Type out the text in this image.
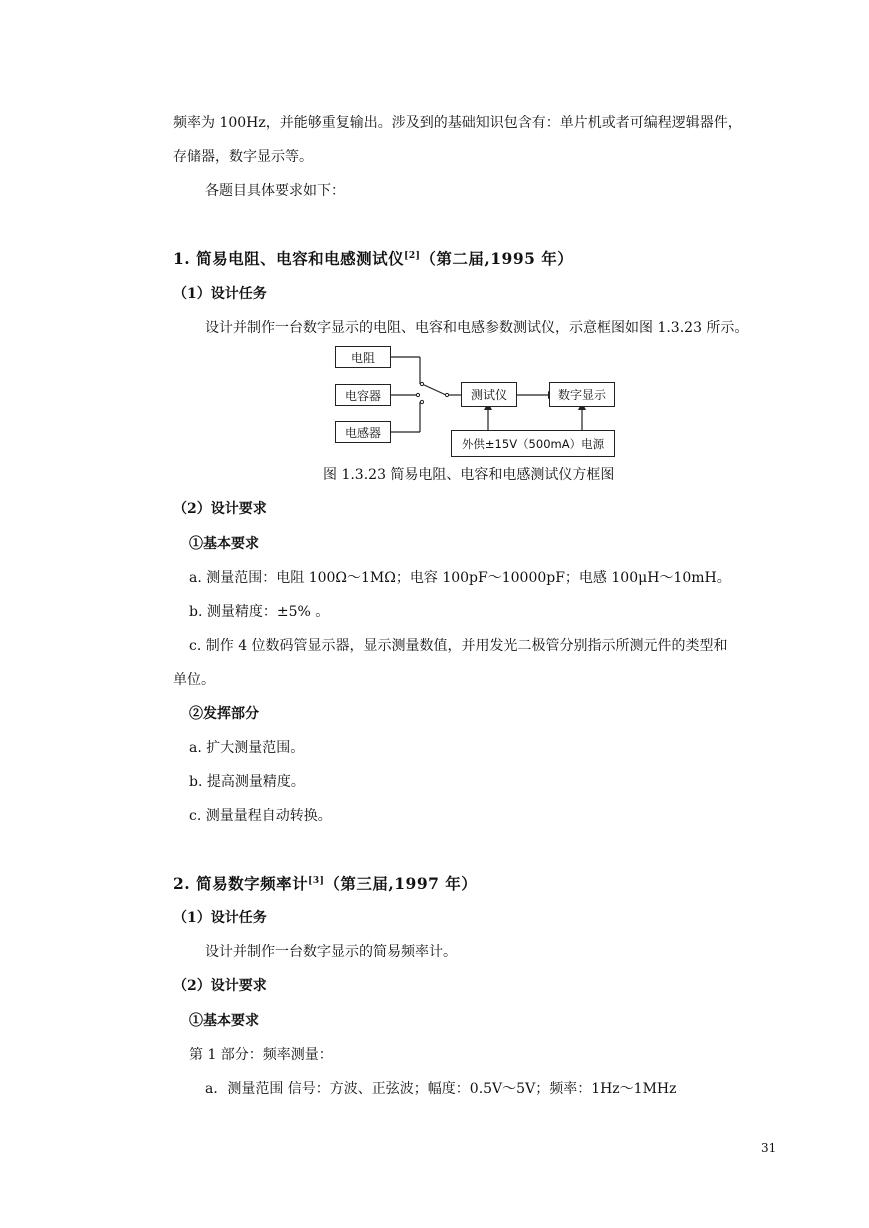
频率为 100Hz，并能够重复输出。涉及到的基础知识包含有：单片机或者可编程逻辑器件，
存储器，数字显示等。
各题目具体要求如下：
1. 简易电阻、电容和电感测试仪[2]（第二届,1995 年）
（1）设计任务
设计并制作一台数字显示的电阻、电容和电感参数测试仪，示意框图如图 1.3.23 所示。
电阻
电容器
电感器
测试仪	数字显示
外供±15V（500mA）电源
图 1.3.23 简易电阻、电容和电感测试仪方框图
（2）设计要求
①基本要求
a. 测量范围：电阻 100Ω～1MΩ；电容 100pF～10000pF；电感 100μH～10mH。
b. 测量精度：±5% 。
c. 制作 4 位数码管显示器，显示测量数值，并用发光二极管分别指示所测元件的类型和
单位。
②发挥部分
a. 扩大测量范围。
b. 提高测量精度。
c. 测量量程自动转换。
2. 简易数字频率计[3]（第三届,1997 年）
（1）设计任务
设计并制作一台数字显示的简易频率计。
（2）设计要求
①基本要求
第 1 部分：频率测量：
a．测量范围 信号：方波、正弦波；幅度：0.5V～5V；频率：1Hz～1MHz
31
